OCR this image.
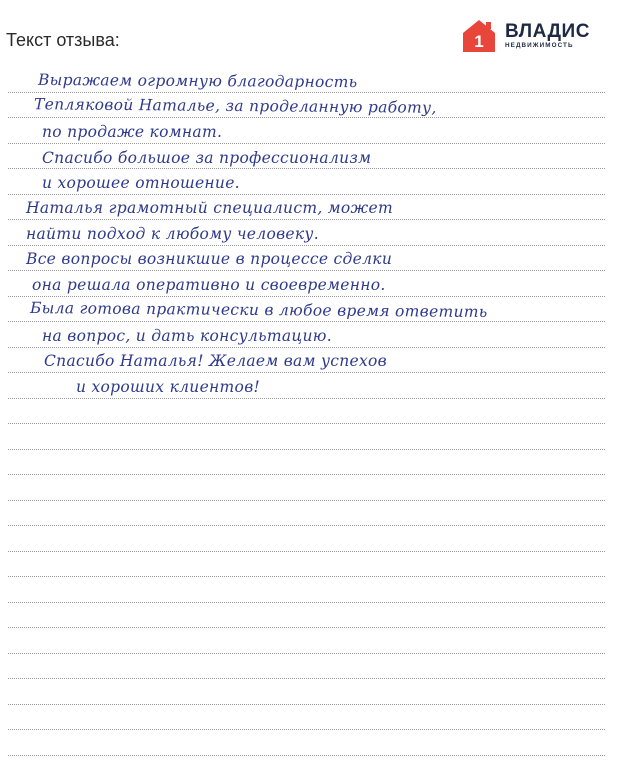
Текст отзыва:	1 ВЛАДИС
НЕДВИЖИМОСТЬ
Выражаем огромную благодарность
Тепляковой Наталье, за проделанную работу,
по продаже комнат.
Спасибо большое за профессионализм
и хорошее отношение.
Наталья грамотный специалист, может
найти подход к любому человеку.
Все вопросы возникшие в процессе сделки
она решала оперативно и своевременно.
Была готова практически в любое время ответить
на вопрос, и дать консультацию.
Спасибо Наталья! Желаем вам успехов
и хороших клиентов!
